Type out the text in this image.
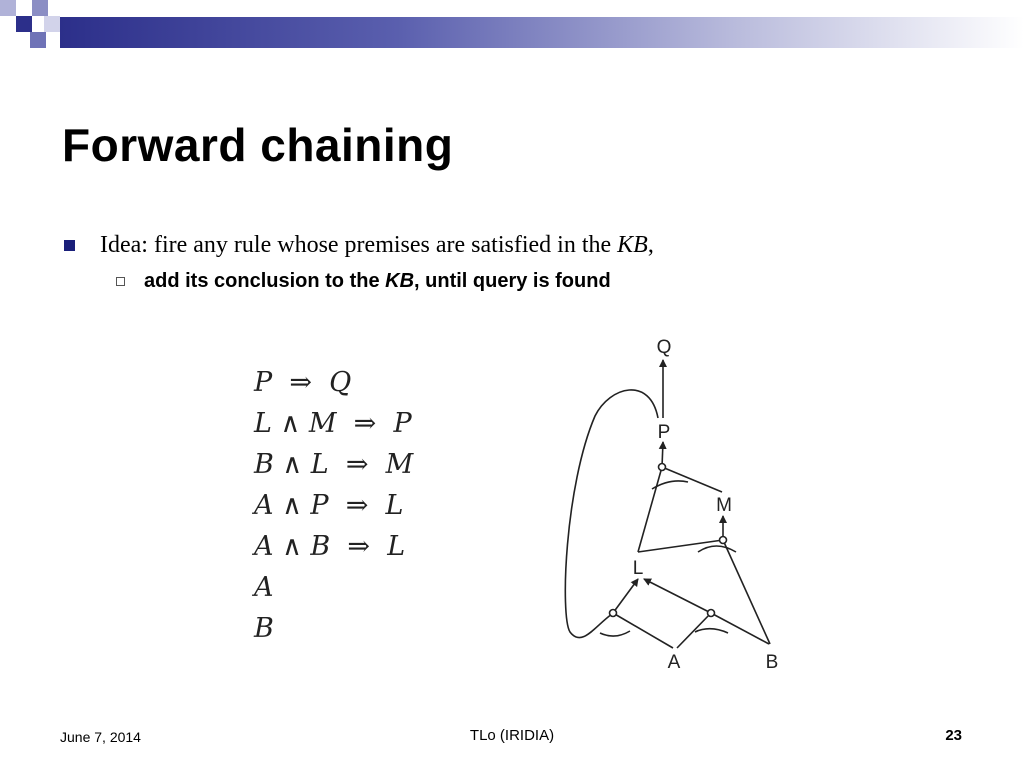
Forward chaining
Idea: fire any rule whose premises are satisfied in the KB,
add its conclusion to the KB, until query is found
P  ⇒  Q
L ∧ M  ⇒  P
B ∧ L  ⇒  M
A ∧ P  ⇒  L
A ∧ B  ⇒  L
A
B
Q
P
M
L
A	B
June 7, 2014	TLo (IRIDIA)	23
